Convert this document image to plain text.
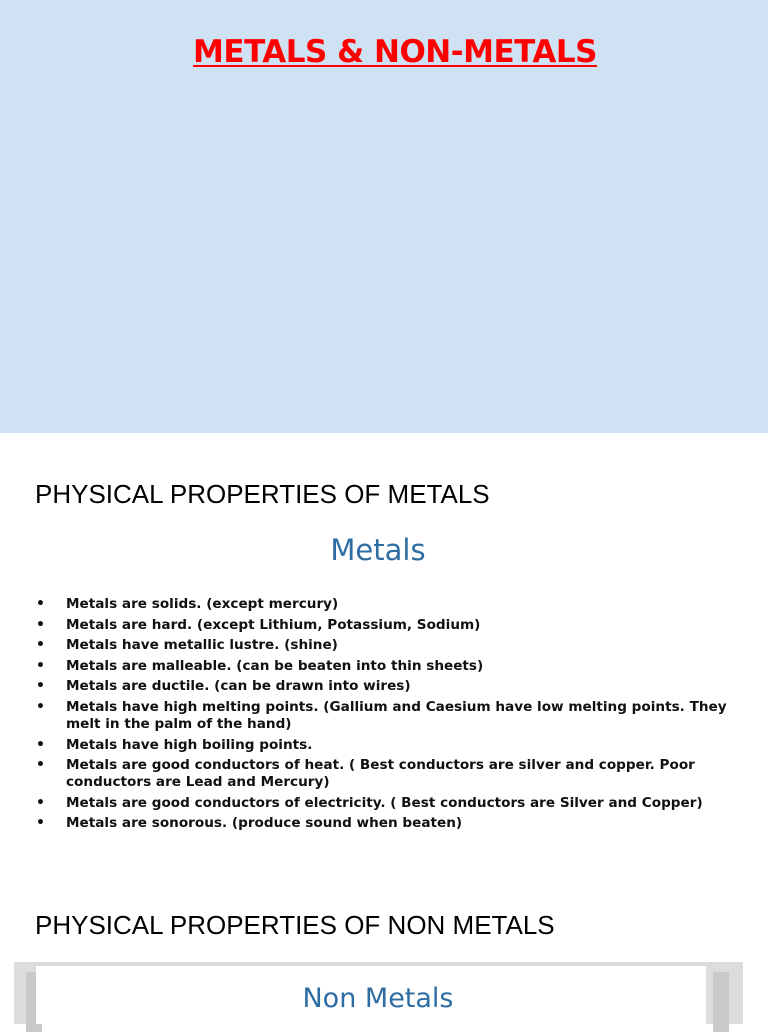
METALS & NON-METALS
PHYSICAL PROPERTIES OF METALS
Metals
• Metals are solids. (except mercury)
• Metals are hard. (except Lithium, Potassium, Sodium)
• Metals have metallic lustre. (shine)
• Metals are malleable. (can be beaten into thin sheets)
• Metals are ductile. (can be drawn into wires)
• Metals have high melting points. (Gallium and Caesium have low melting points. They melt in the palm of the hand)
• Metals have high boiling points.
• Metals are good conductors of heat. ( Best conductors are silver and copper. Poor conductors are Lead and Mercury)
• Metals are good conductors of electricity. ( Best conductors are Silver and Copper)
• Metals are sonorous. (produce sound when beaten)
PHYSICAL PROPERTIES OF NON METALS
Non Metals
